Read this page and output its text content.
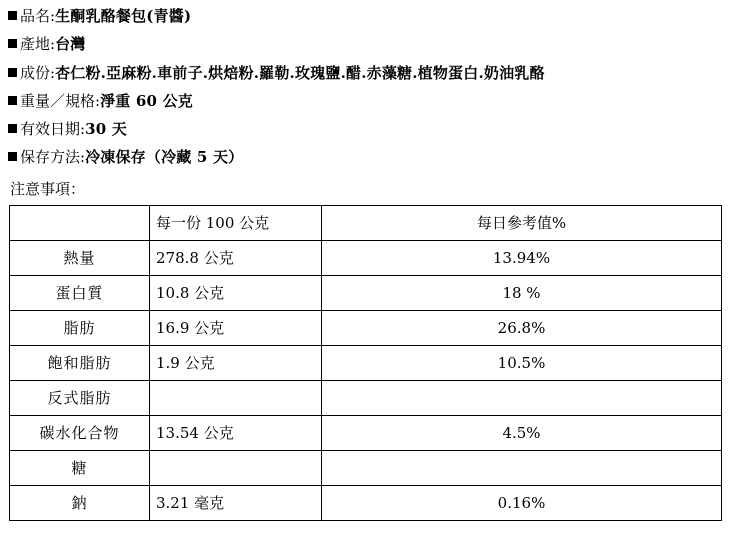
品名: 生酮乳酪餐包(青醬)
產地: 台灣
成份: 杏仁粉.亞麻粉.車前子.烘焙粉.羅勒.玫瑰鹽.醋.赤藻糖.植物蛋白.奶油乳酪
重量／規格: 淨重 60 公克
有效日期: 30 天
保存方法: 冷凍保存（冷藏 5 天）
注意事項：
	每一份 100 公克	每日參考值%
熱量	278.8 公克	13.94%
蛋白質	10.8 公克	18 %
脂肪	16.9 公克	26.8%
飽和脂肪	1.9 公克	10.5%
反式脂肪		
碳水化合物	13.54 公克	4.5%
糖		
鈉	3.21 毫克	0.16%
